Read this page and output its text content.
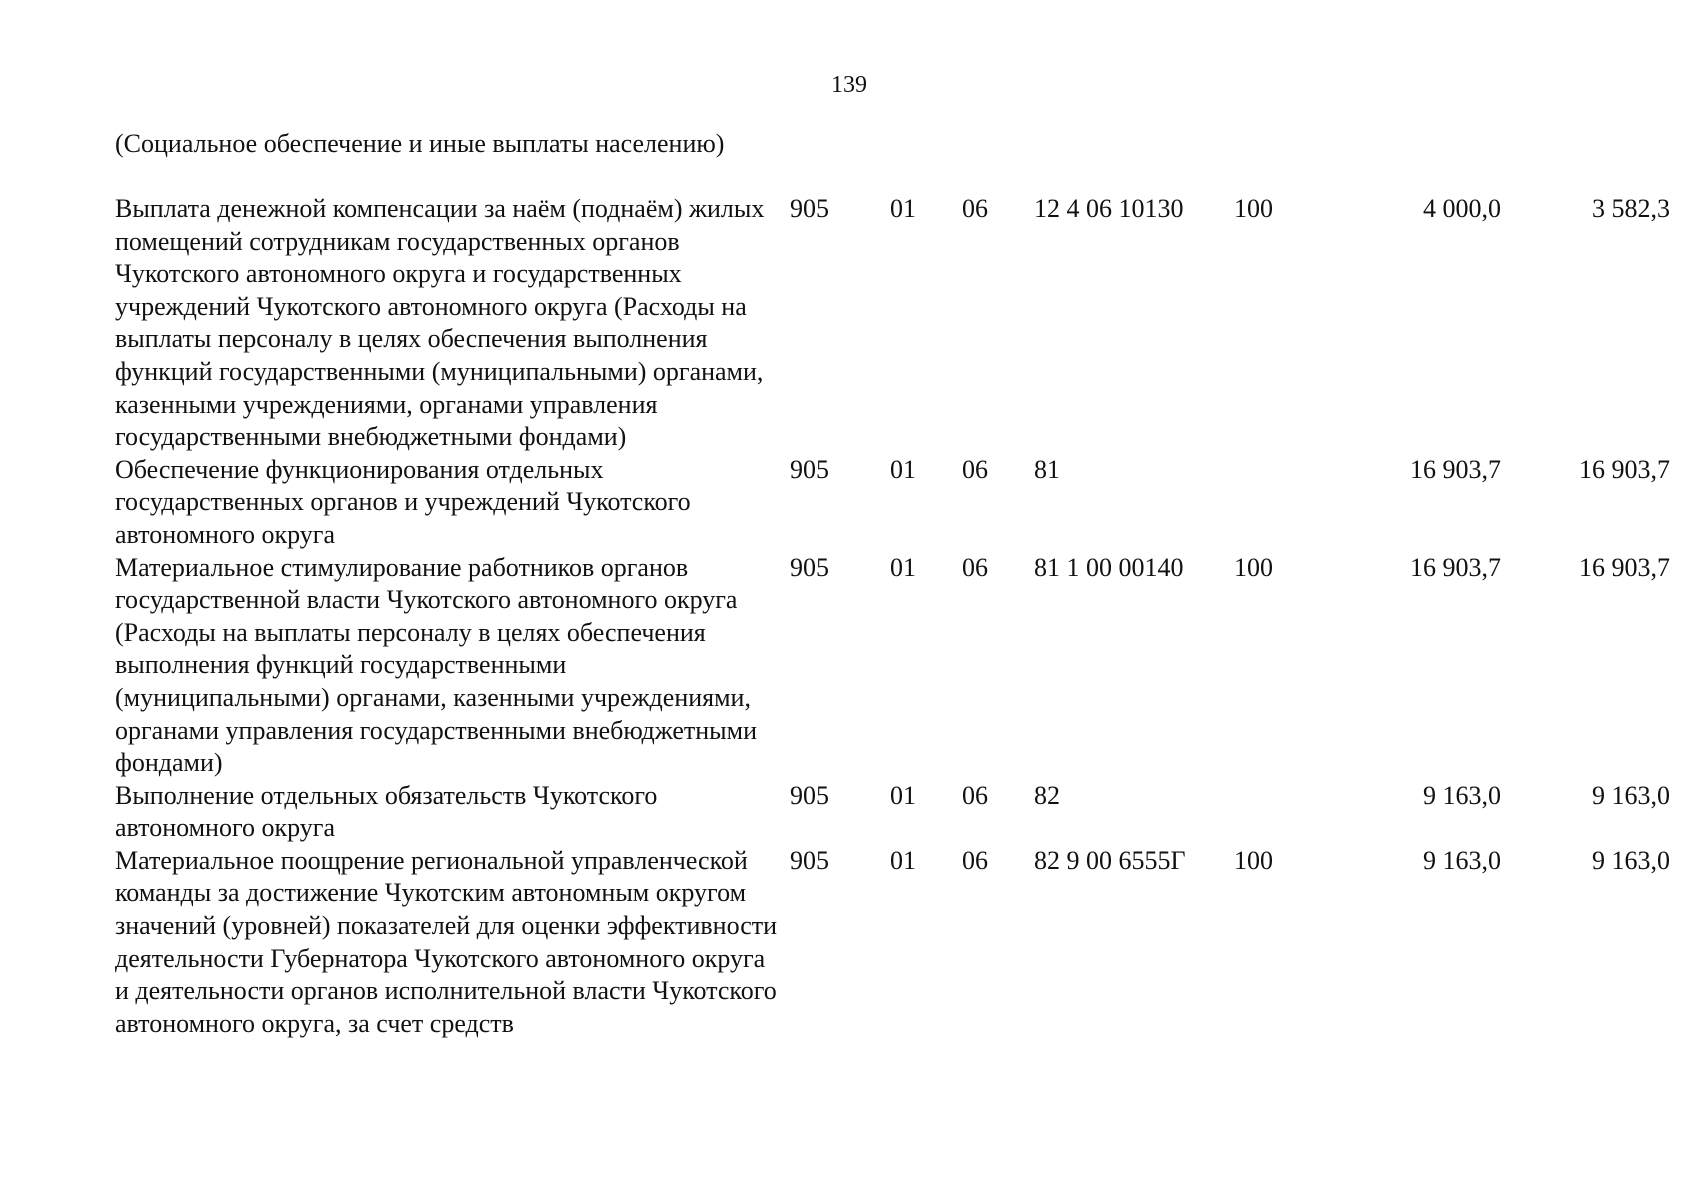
139
(Социальное обеспечение и иные выплаты населению)							
Выплата денежной компенсации за наём (поднаём) жилых помещений сотрудникам государственных органов Чукотского автономного округа и государственных учреждений Чукотского автономного округа (Расходы на выплаты персоналу в целях обеспечения выполнения функций государственными (муниципальными) органами, казенными учреждениями, органами управления государственными внебюджетными фондами)	905	01	06	12 4 06 10130	100	4 000,0	3 582,3
Обеспечение функционирования отдельных государственных органов и учреждений Чукотского автономного округа	905	01	06	81		16 903,7	16 903,7
Материальное стимулирование работников органов государственной власти Чукотского автономного округа (Расходы на выплаты персоналу в целях обеспечения выполнения функций государственными (муниципальными) органами, казенными учреждениями, органами управления государственными внебюджетными фондами)	905	01	06	81 1 00 00140	100	16 903,7	16 903,7
Выполнение отдельных обязательств Чукотского автономного округа	905	01	06	82		9 163,0	9 163,0
Материальное поощрение региональной управленческой команды за достижение Чукотским автономным округом значений (уровней) показателей для оценки эффективности деятельности Губернатора Чукотского автономного округа и деятельности органов исполнительной власти Чукотского автономного округа, за счет средств	905	01	06	82 9 00 6555Г	100	9 163,0	9 163,0
